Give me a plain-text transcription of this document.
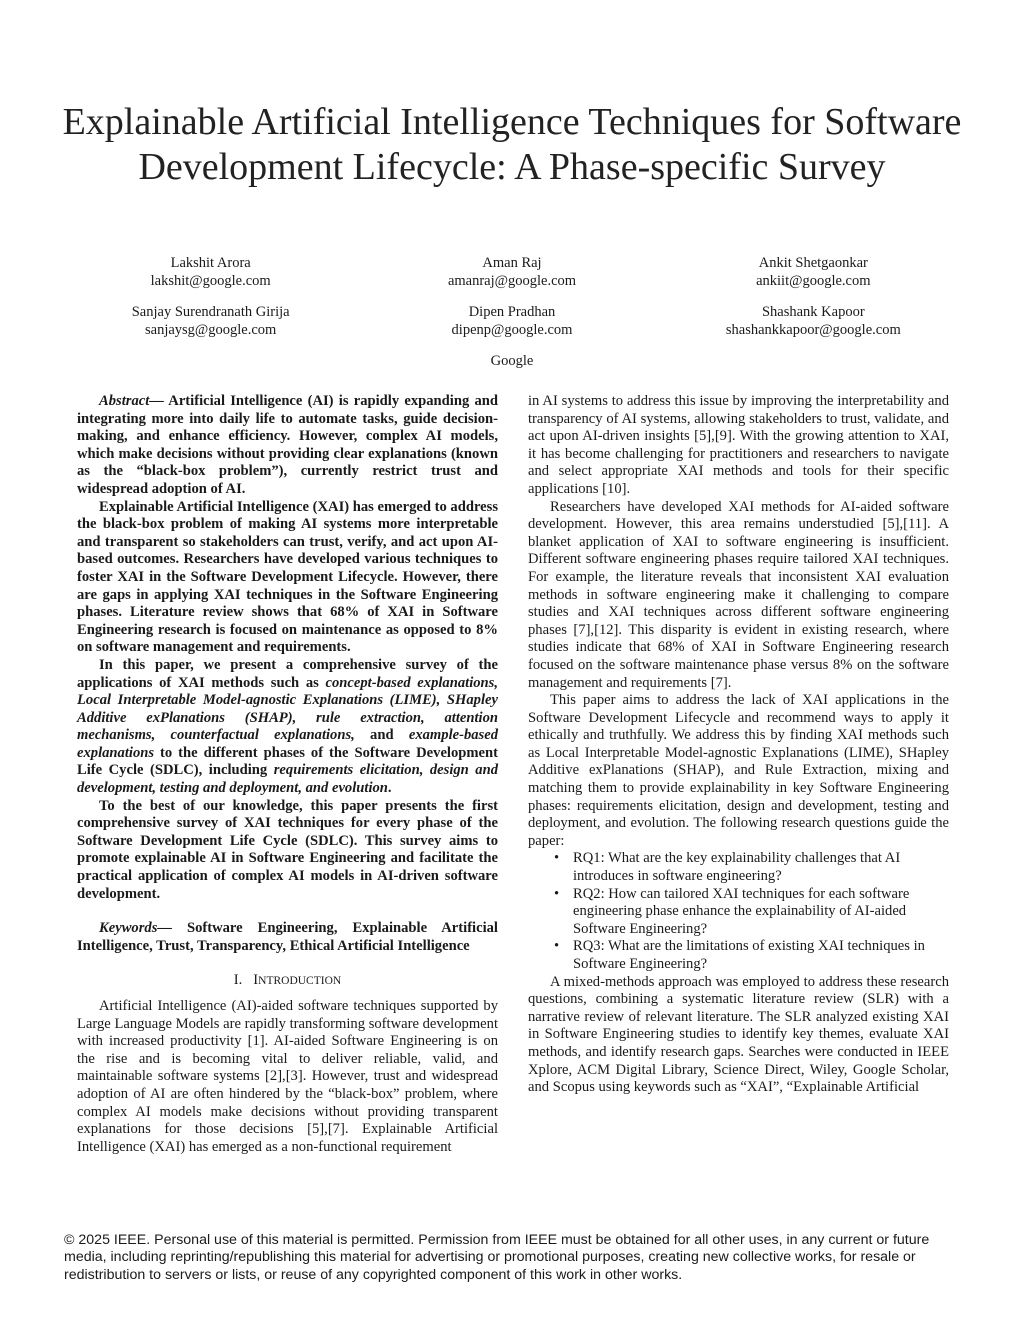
Explainable Artificial Intelligence Techniques for Software Development Lifecycle: A Phase-specific Survey
Lakshit Arora
lakshit@google.com
Aman Raj
amanraj@google.com
Ankit Shetgaonkar
ankiit@google.com
Sanjay Surendranath Girija
sanjaysg@google.com
Dipen Pradhan
dipenp@google.com
Shashank Kapoor
shashankkapoor@google.com
Google

Abstract— Artificial Intelligence (AI) is rapidly expanding and integrating more into daily life to automate tasks, guide decision-making, and enhance efficiency. However, complex AI models, which make decisions without providing clear explanations (known as the “black-box problem”), currently restrict trust and widespread adoption of AI.

Explainable Artificial Intelligence (XAI) has emerged to address the black-box problem of making AI systems more interpretable and transparent so stakeholders can trust, verify, and act upon AI-based outcomes. Researchers have developed various techniques to foster XAI in the Software Development Lifecycle. However, there are gaps in applying XAI techniques in the Software Engineering phases. Literature review shows that 68% of XAI in Software Engineering research is focused on maintenance as opposed to 8% on software management and requirements.

In this paper, we present a comprehensive survey of the applications of XAI methods such as concept-based explanations, Local Interpretable Model-agnostic Explanations (LIME), SHapley Additive exPlanations (SHAP), rule extraction, attention mechanisms, counterfactual explanations, and example-based explanations to the different phases of the Software Development Life Cycle (SDLC), including requirements elicitation, design and development, testing and deployment, and evolution.

To the best of our knowledge, this paper presents the first comprehensive survey of XAI techniques for every phase of the Software Development Life Cycle (SDLC). This survey aims to promote explainable AI in Software Engineering and facilitate the practical application of complex AI models in AI-driven software development.

Keywords— Software Engineering, Explainable Artificial Intelligence, Trust, Transparency, Ethical Artificial Intelligence

I. INTRODUCTION

Artificial Intelligence (AI)-aided software techniques supported by Large Language Models are rapidly transforming software development with increased productivity [1]. AI-aided Software Engineering is on the rise and is becoming vital to deliver reliable, valid, and maintainable software systems [2],[3]. However, trust and widespread adoption of AI are often hindered by the “black-box” problem, where complex AI models make decisions without providing transparent explanations for those decisions [5],[7]. Explainable Artificial Intelligence (XAI) has emerged as a non-functional requirement

in AI systems to address this issue by improving the interpretability and transparency of AI systems, allowing stakeholders to trust, validate, and act upon AI-driven insights [5],[9]. With the growing attention to XAI, it has become challenging for practitioners and researchers to navigate and select appropriate XAI methods and tools for their specific applications [10].

Researchers have developed XAI methods for AI-aided software development. However, this area remains understudied [5],[11]. A blanket application of XAI to software engineering is insufficient. Different software engineering phases require tailored XAI techniques. For example, the literature reveals that inconsistent XAI evaluation methods in software engineering make it challenging to compare studies and XAI techniques across different software engineering phases [7],[12]. This disparity is evident in existing research, where studies indicate that 68% of XAI in Software Engineering research focused on the software maintenance phase versus 8% on the software management and requirements [7].

This paper aims to address the lack of XAI applications in the Software Development Lifecycle and recommend ways to apply it ethically and truthfully. We address this by finding XAI methods such as Local Interpretable Model-agnostic Explanations (LIME), SHapley Additive exPlanations (SHAP), and Rule Extraction, mixing and matching them to provide explainability in key Software Engineering phases: requirements elicitation, design and development, testing and deployment, and evolution. The following research questions guide the paper:

• RQ1: What are the key explainability challenges that AI introduces in software engineering?
• RQ2: How can tailored XAI techniques for each software engineering phase enhance the explainability of AI-aided Software Engineering?
• RQ3: What are the limitations of existing XAI techniques in Software Engineering?

A mixed-methods approach was employed to address these research questions, combining a systematic literature review (SLR) with a narrative review of relevant literature. The SLR analyzed existing XAI in Software Engineering studies to identify key themes, evaluate XAI methods, and identify research gaps. Searches were conducted in IEEE Xplore, ACM Digital Library, Science Direct, Wiley, Google Scholar, and Scopus using keywords such as “XAI”, “Explainable Artificial

© 2025 IEEE. Personal use of this material is permitted. Permission from IEEE must be obtained for all other uses, in any current or future media, including reprinting/republishing this material for advertising or promotional purposes, creating new collective works, for resale or redistribution to servers or lists, or reuse of any copyrighted component of this work in other works.
